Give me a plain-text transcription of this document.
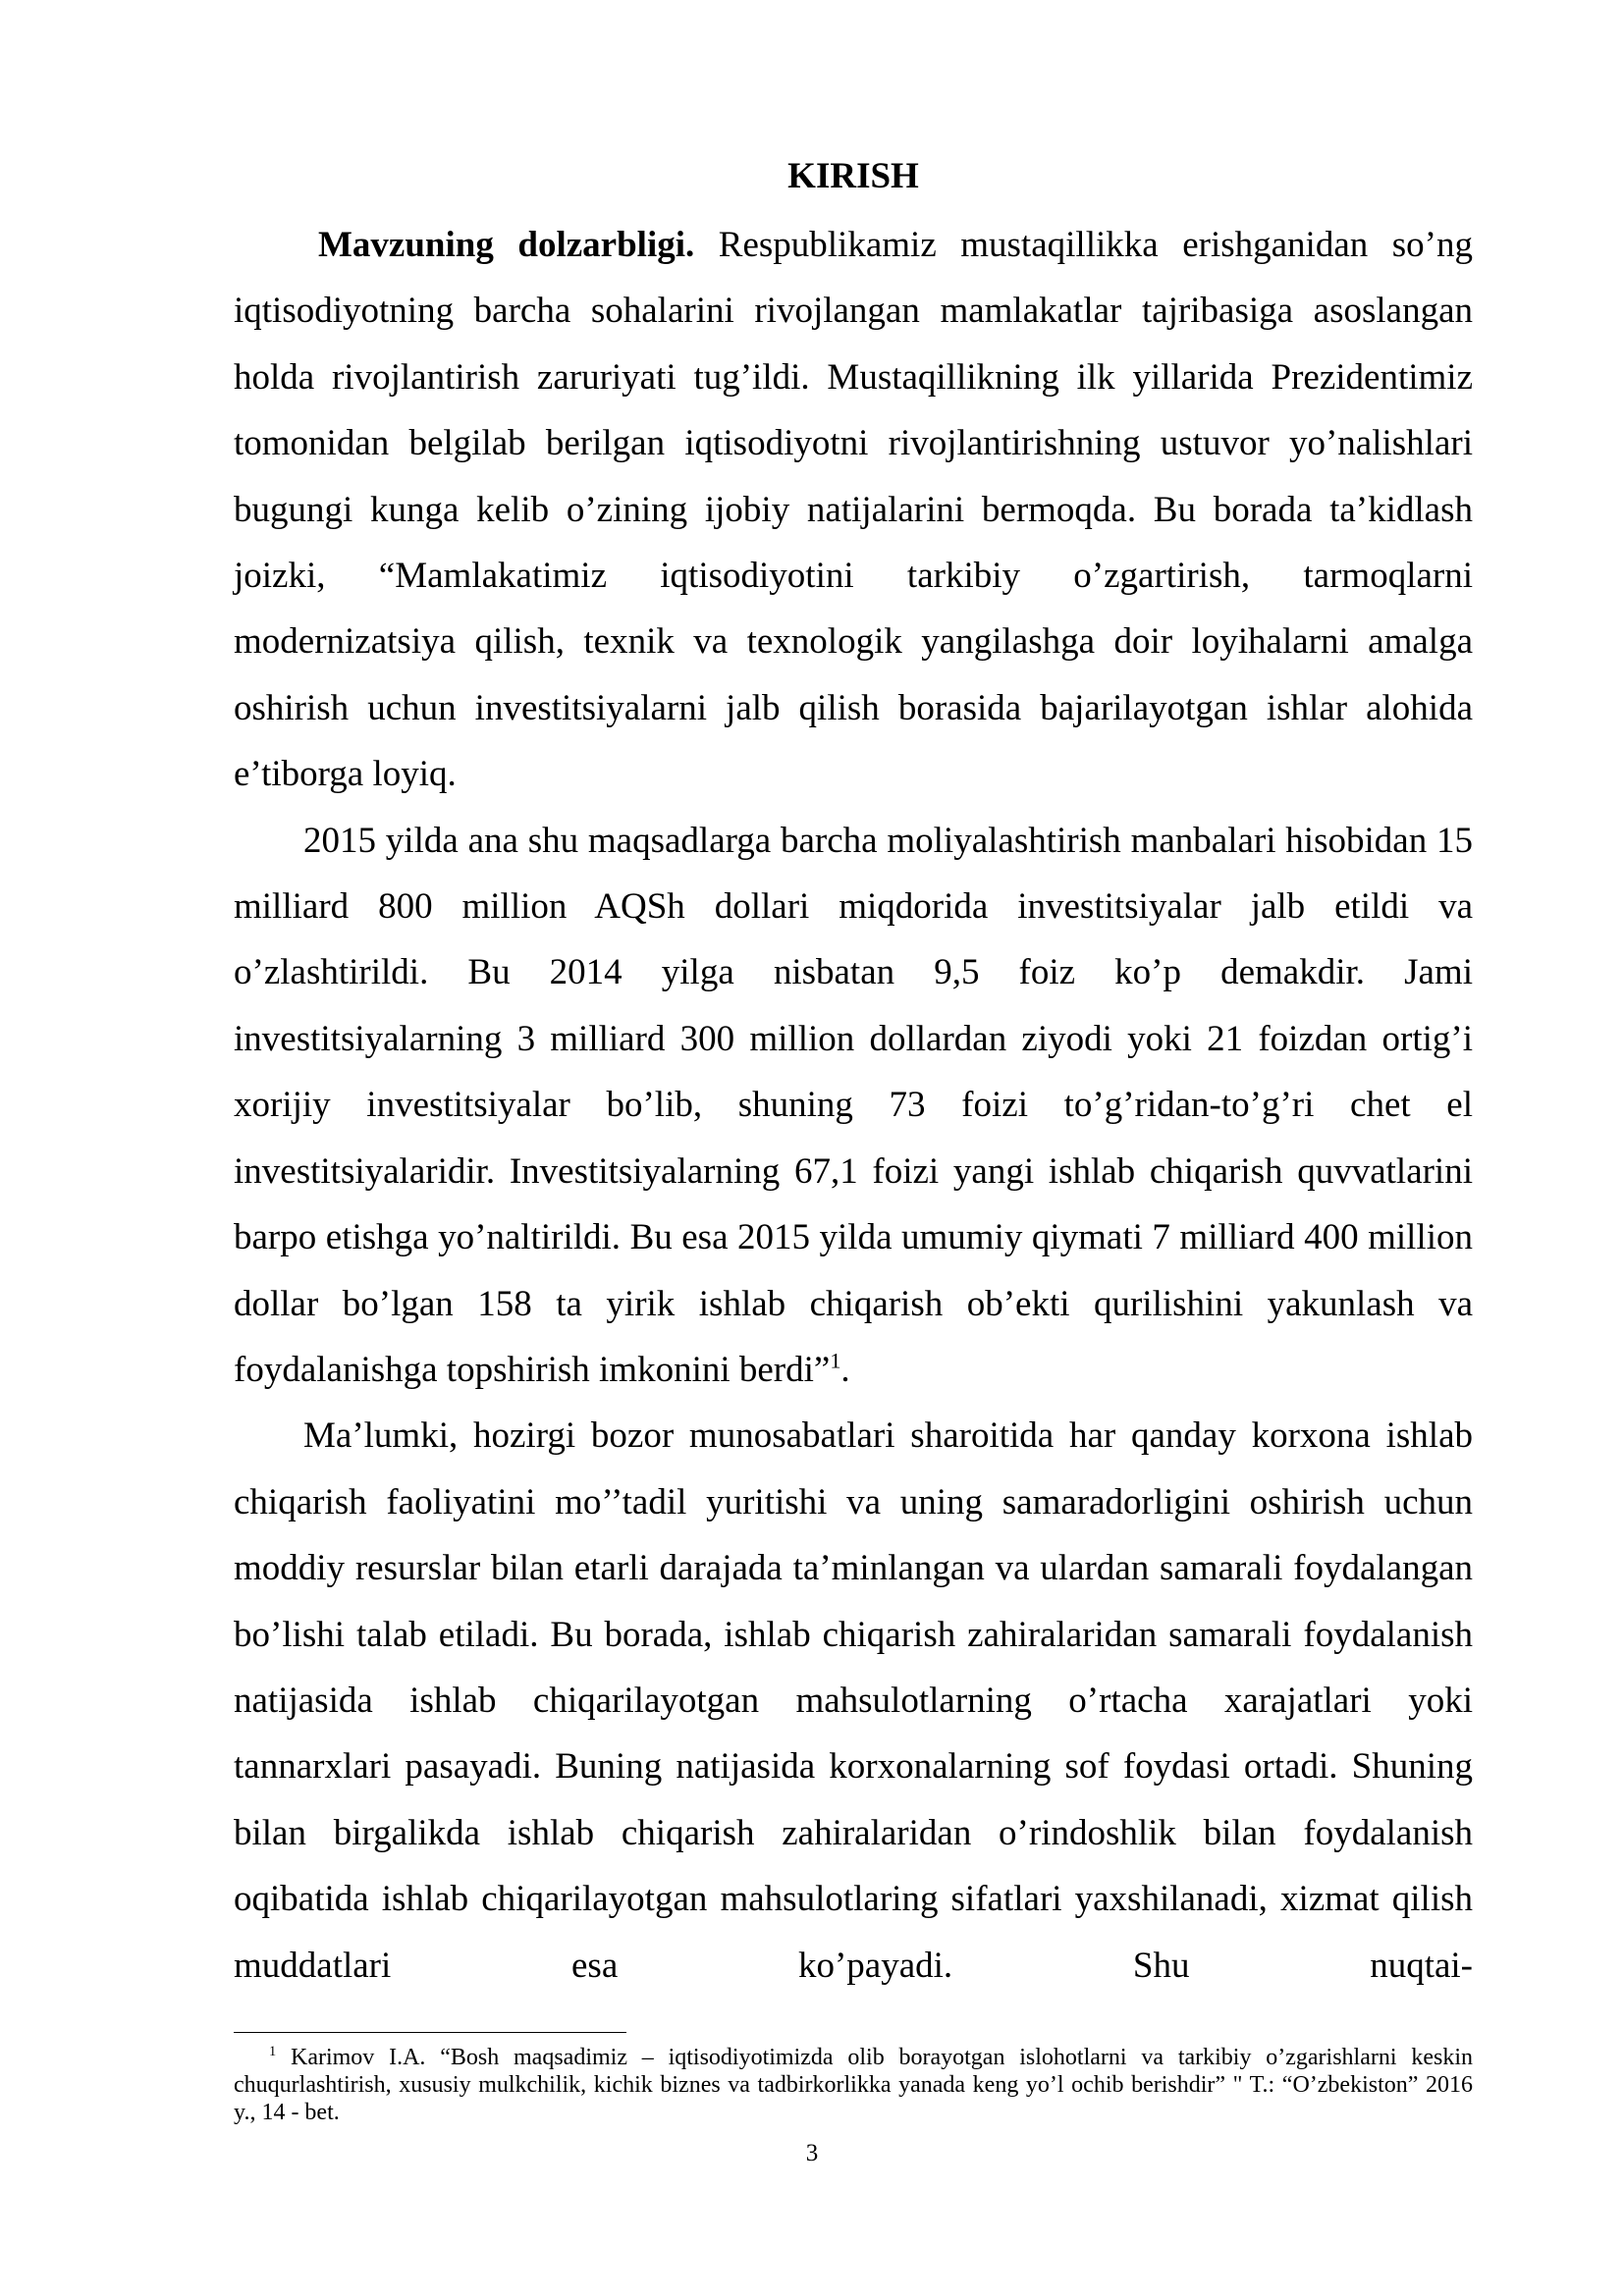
KIRISH

Mavzuning dolzarbligi. Respublikamiz mustaqillikka erishganidan so’ng iqtisodiyotning barcha sohalarini rivojlangan mamlakatlar tajribasiga asoslangan holda rivojlantirish zaruriyati tug’ildi. Mustaqillikning ilk yillarida Prezidentimiz tomonidan belgilab berilgan iqtisodiyotni rivojlantirishning ustuvor yo’nalishlari bugungi kunga kelib o’zining ijobiy natijalarini bermoqda. Bu borada ta’kidlash joizki, “Mamlakatimiz iqtisodiyotini tarkibiy o’zgartirish, tarmoqlarni modernizatsiya qilish, texnik va texnologik yangilashga doir loyihalarni amalga oshirish uchun investitsiyalarni jalb qilish borasida bajarilayotgan ishlar alohida e’tiborga loyiq.

2015 yilda ana shu maqsadlarga barcha moliyalashtirish manbalari hisobidan 15 milliard 800 million AQSh dollari miqdorida investitsiyalar jalb etildi va o’zlashtirildi. Bu 2014 yilga nisbatan 9,5 foiz ko’p demakdir. Jami investitsiyalarning 3 milliard 300 million dollardan ziyodi yoki 21 foizdan ortig’i xorijiy investitsiyalar bo’lib, shuning 73 foizi to’g’ridan-to’g’ri chet el investitsiyalaridir. Investitsiyalarning 67,1 foizi yangi ishlab chiqarish quvvatlarini barpo etishga yo’naltirildi. Bu esa 2015 yilda umumiy qiymati 7 milliard 400 million dollar bo’lgan 158 ta yirik ishlab chiqarish ob’ekti qurilishini yakunlash va foydalanishga topshirish imkonini berdi”$^1$.

Ma’lumki, hozirgi bozor munosabatlari sharoitida har qanday korxona ishlab chiqarish faoliyatini mo’’tadil yuritishi va uning samaradorligini oshirish uchun moddiy resurslar bilan etarli darajada ta’minlangan va ulardan samarali foydalangan bo’lishi talab etiladi. Bu borada, ishlab chiqarish zahiralaridan samarali foydalanish natijasida ishlab chiqarilayotgan mahsulotlarning o’rtacha xarajatlari yoki tannarxlari pasayadi. Buning natijasida korxonalarning sof foydasi ortadi. Shuning bilan birgalikda ishlab chiqarish zahiralaridan o’rindoshlik bilan foydalanish oqibatida ishlab chiqarilayotgan mahsulotlaring sifatlari yaxshilanadi, xizmat qilish muddatlari esa ko’payadi. Shu nuqtai-

$^1$ Karimov I.A. “Bosh maqsadimiz – iqtisodiyotimizda olib borayotgan islohotlarni va tarkibiy o’zgarishlarni keskin chuqurlashtirish, xususiy mulkchilik, kichik biznes va tadbirkorlikka yanada keng yo’l ochib berishdir” " T.: “O’zbekiston” 2016 y., 14 - bet.

3
